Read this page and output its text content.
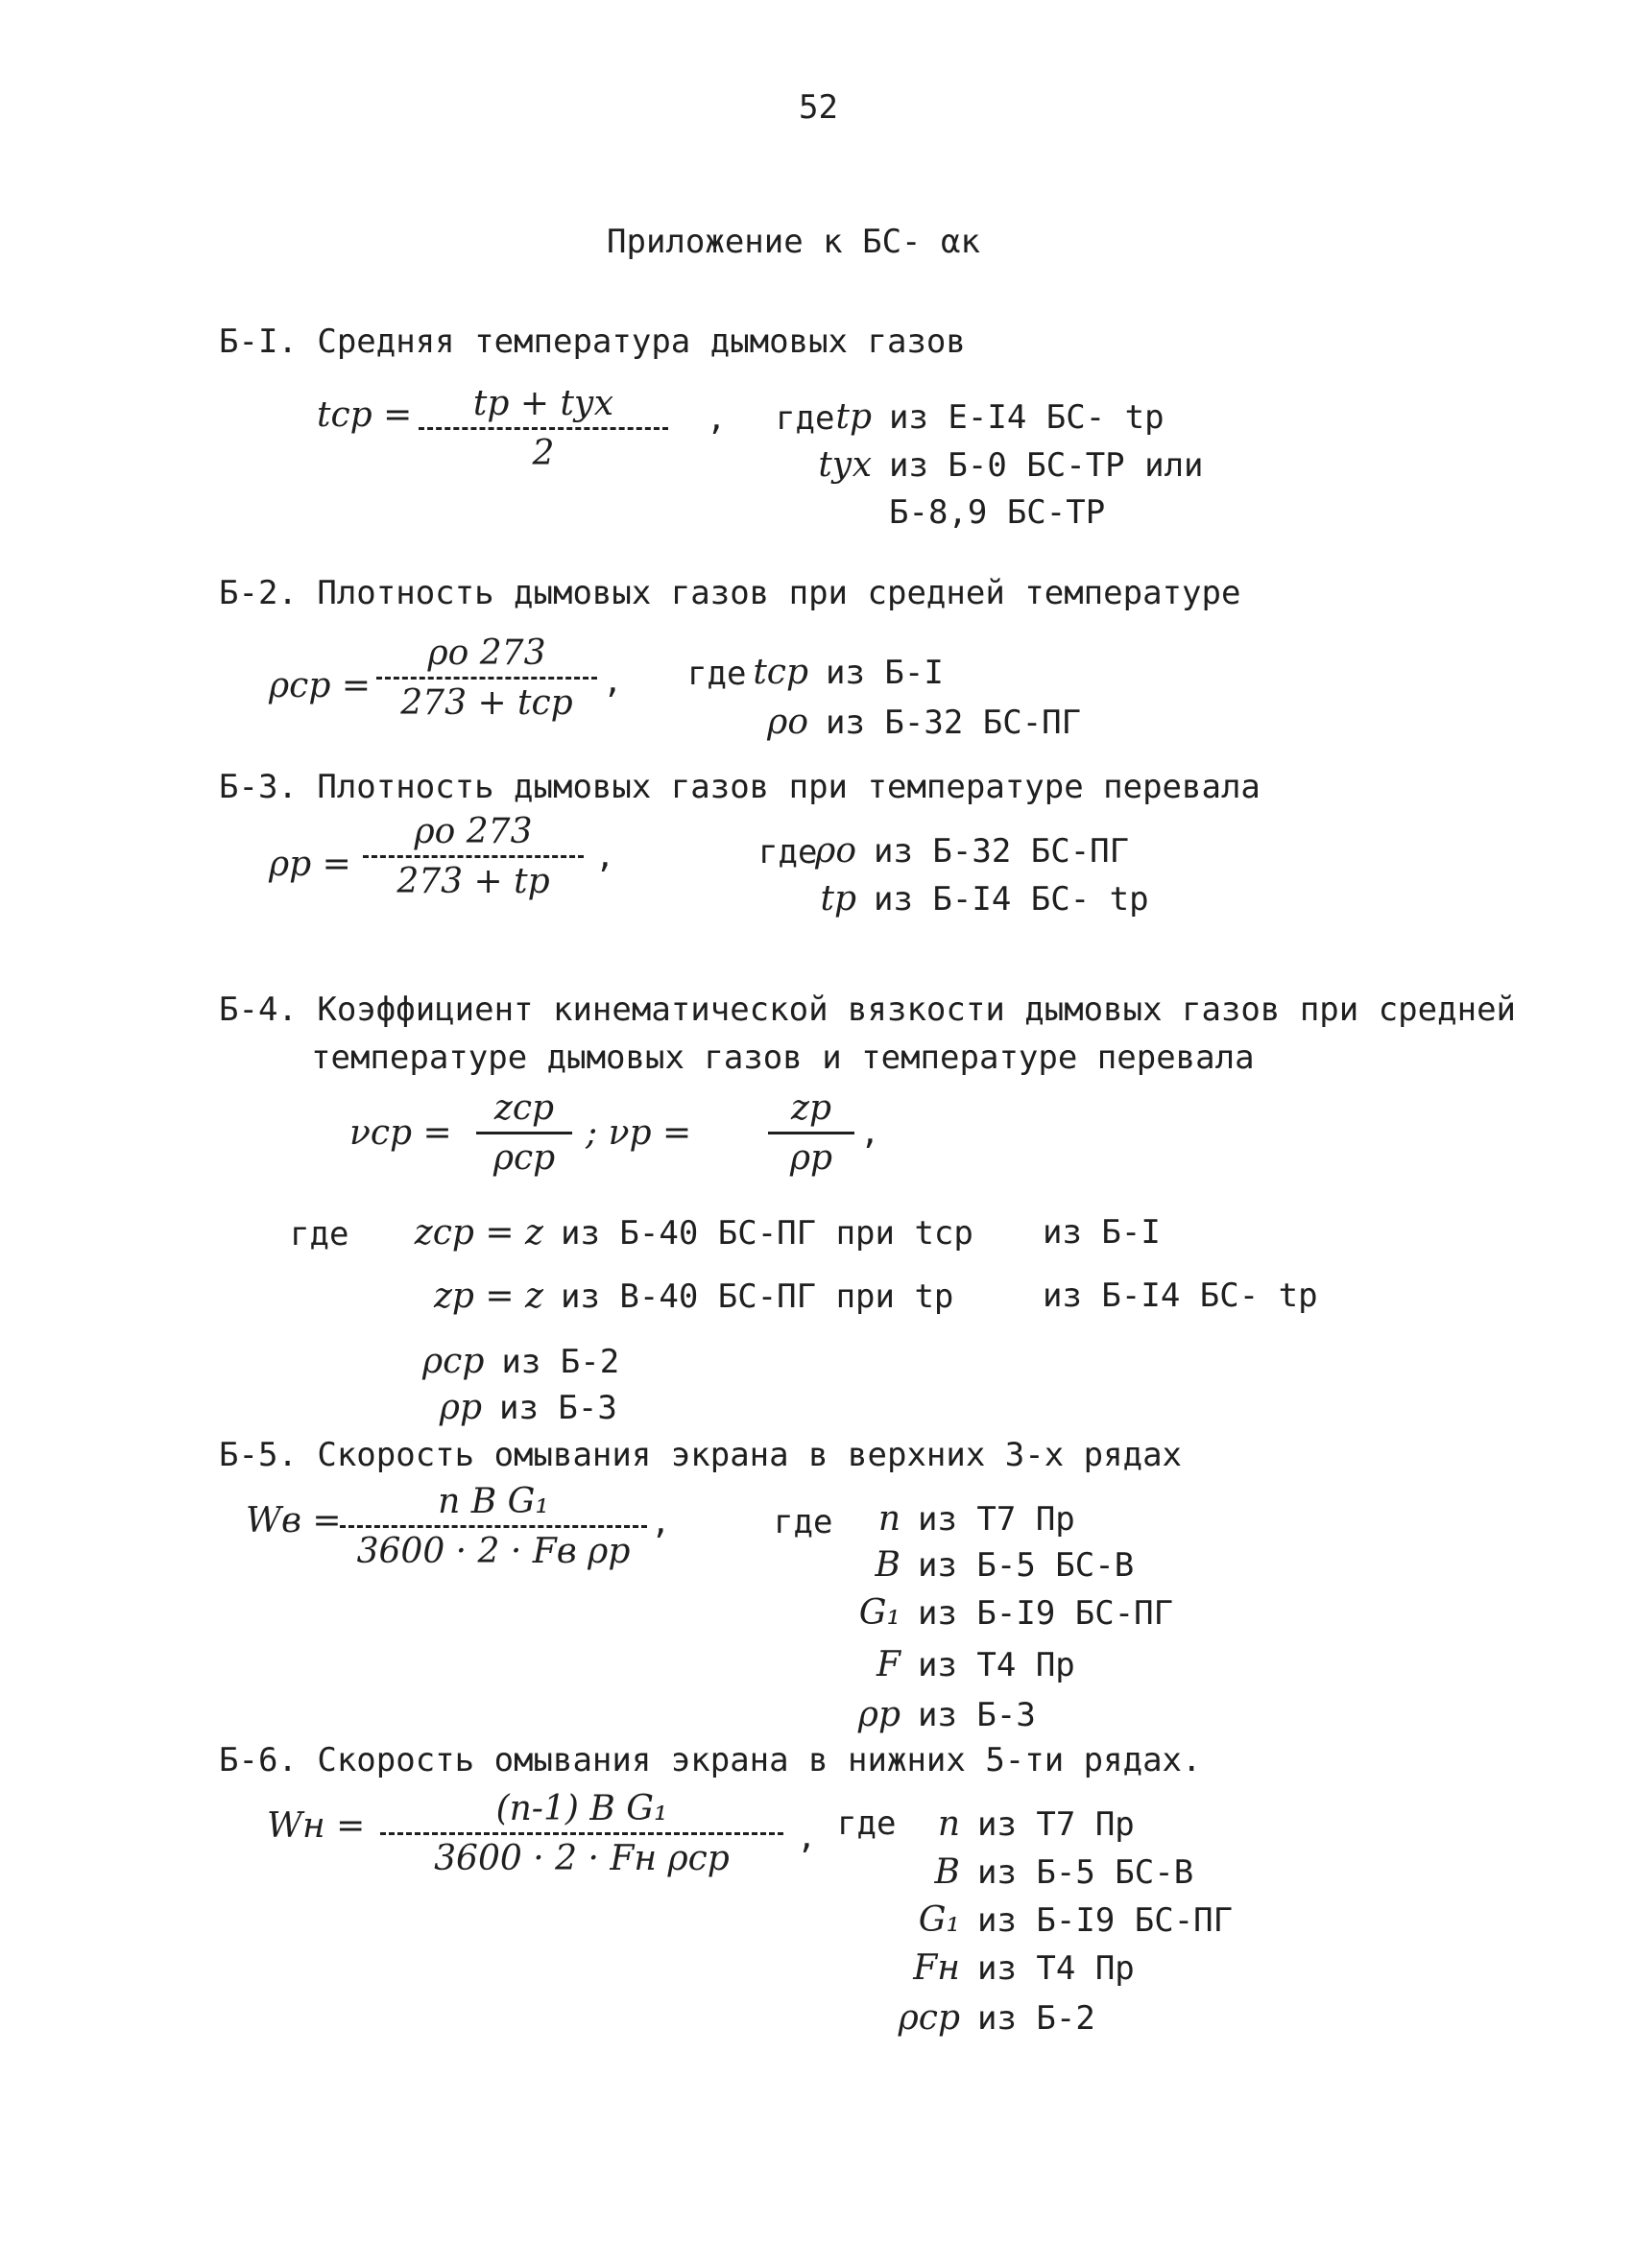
52
Приложение к БС- αк
Б-I. Средняя температура дымовых газов
tср =	tр + tух
2
, где tр из Е-I4 БС- tр
tух из Б-0 БС-ТР или
Б-8,9 БС-ТР
Б-2. Плотность дымовых газов при средней температуре
ρср =
ρо 273
273 + tср
, где tср из Б-I
ρо из Б-32 БС-ПГ
Б-3. Плотность дымовых газов при температуре перевала
ρр =
ρо 273
273 + tр
,	где
ρо из Б-32 БС-ПГ
tр из Б-I4 БС- tр
Б-4. Коэффициент кинематической вязкости дымовых газов при средней
температуре дымовых газов и температуре перевала
νср =
zср
ρср
; νр =
zр
ρр
,
где	zср = z из Б-40 БС-ПГ при tср из Б-I
zр = z из В-40 БС-ПГ при tр	из Б-I4 БС- tр
ρср из Б-2
ρр из Б-3
Б-5. Скорость омывания экрана в верхних 3-х рядах
Wв =	n B G₁
3600 · 2 · Fв ρр
,	где	n из Т7 Пр
B из Б-5 БС-В
G₁ из Б-I9 БС-ПГ
F из Т4 Пр
ρр из Б-3
Б-6. Скорость омывания экрана в нижних 5-ти рядах.
Wн =	(n-1) B G₁
3600 · 2 · Fн ρср
, где	n из Т7 Пр
B из Б-5 БС-В
G₁ из Б-I9 БС-ПГ
Fн из Т4 Пр
ρср из Б-2
